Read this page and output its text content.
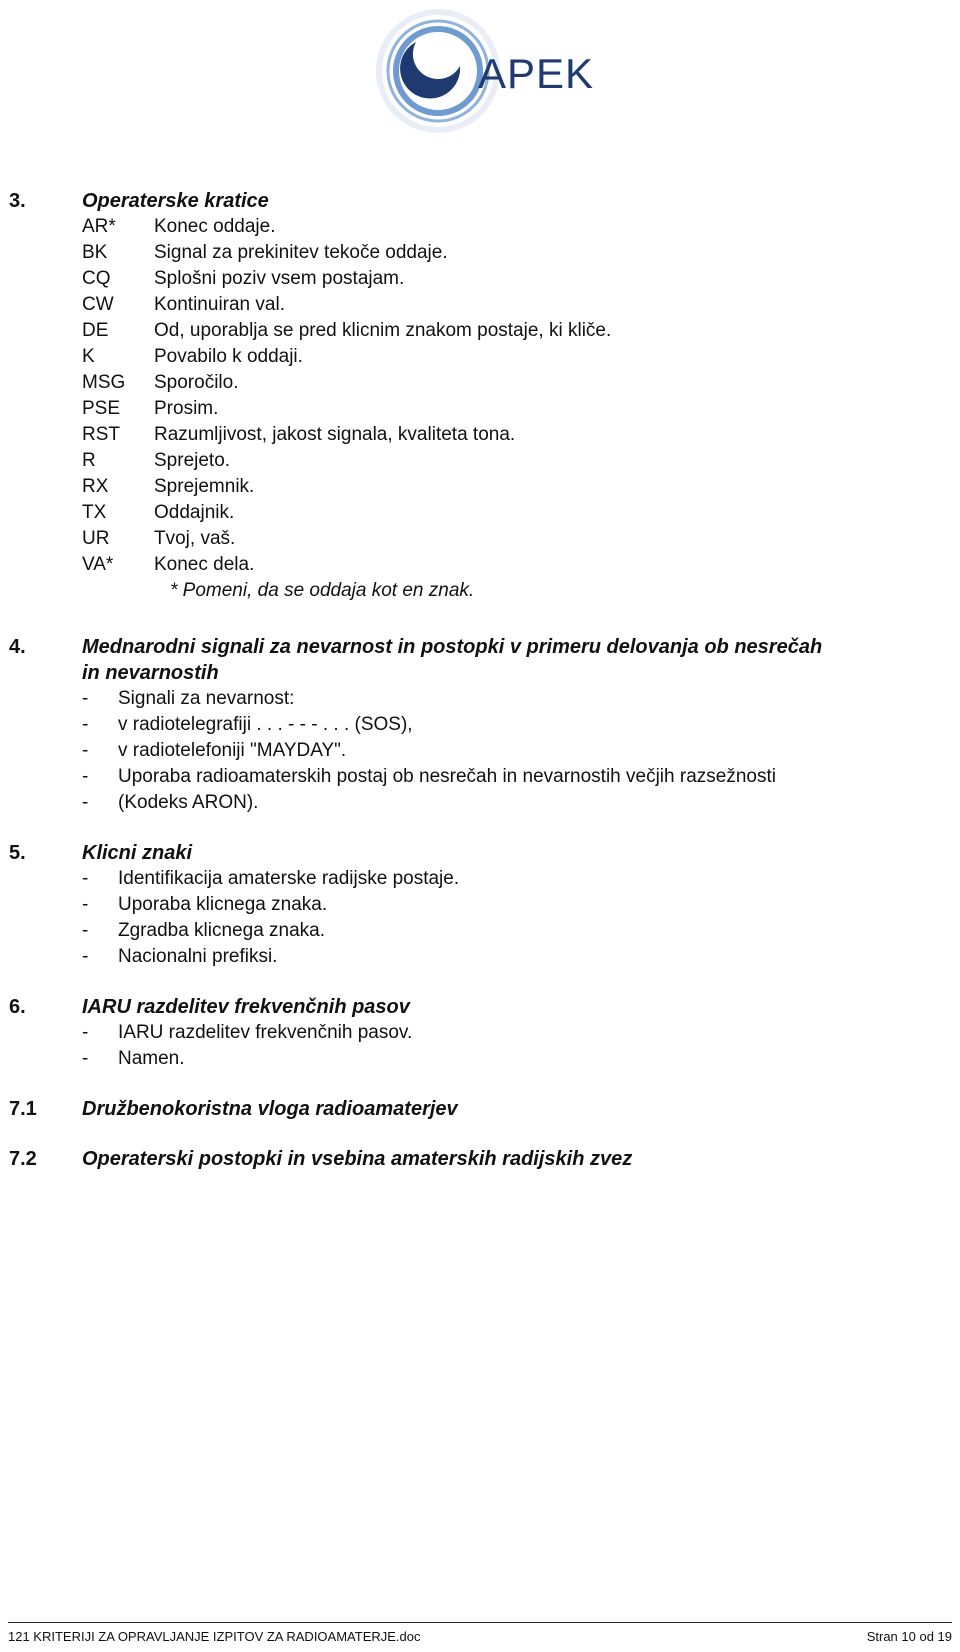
APEK
3.	Operaterske kratice
AR*	Konec oddaje.
BK	Signal za prekinitev tekoče oddaje.
CQ	Splošni poziv vsem postajam.
CW	Kontinuiran val.
DE	Od, uporablja se pred klicnim znakom postaje, ki kliče.
K	Povabilo k oddaji.
MSG	Sporočilo.
PSE	Prosim.
RST	Razumljivost, jakost signala, kvaliteta tona.
R	Sprejeto.
RX	Sprejemnik.
TX	Oddajnik.
UR	Tvoj, vaš.
VA*	Konec dela.
* Pomeni, da se oddaja kot en znak.
4.	Mednarodni signali za nevarnost in postopki v primeru delovanja ob nesrečah
in nevarnostih
-	Signali za nevarnost:
-	v radiotelegrafiji . . . - - - . . . (SOS),
-	v radiotelefoniji "MAYDAY".
-	Uporaba radioamaterskih postaj ob nesrečah in nevarnostih večjih razsežnosti
-	(Kodeks ARON).
5.	Klicni znaki
-	Identifikacija amaterske radijske postaje.
-	Uporaba klicnega znaka.
-	Zgradba klicnega znaka.
-	Nacionalni prefiksi.
6.	IARU razdelitev frekvenčnih pasov
-	IARU razdelitev frekvenčnih pasov.
-	Namen.
7.1	Družbenokoristna vloga radioamaterjev
7.2	Operaterski postopki in vsebina amaterskih radijskih zvez
121 KRITERIJI ZA OPRAVLJANJE IZPITOV ZA RADIOAMATERJE.doc	Stran 10 od 19
